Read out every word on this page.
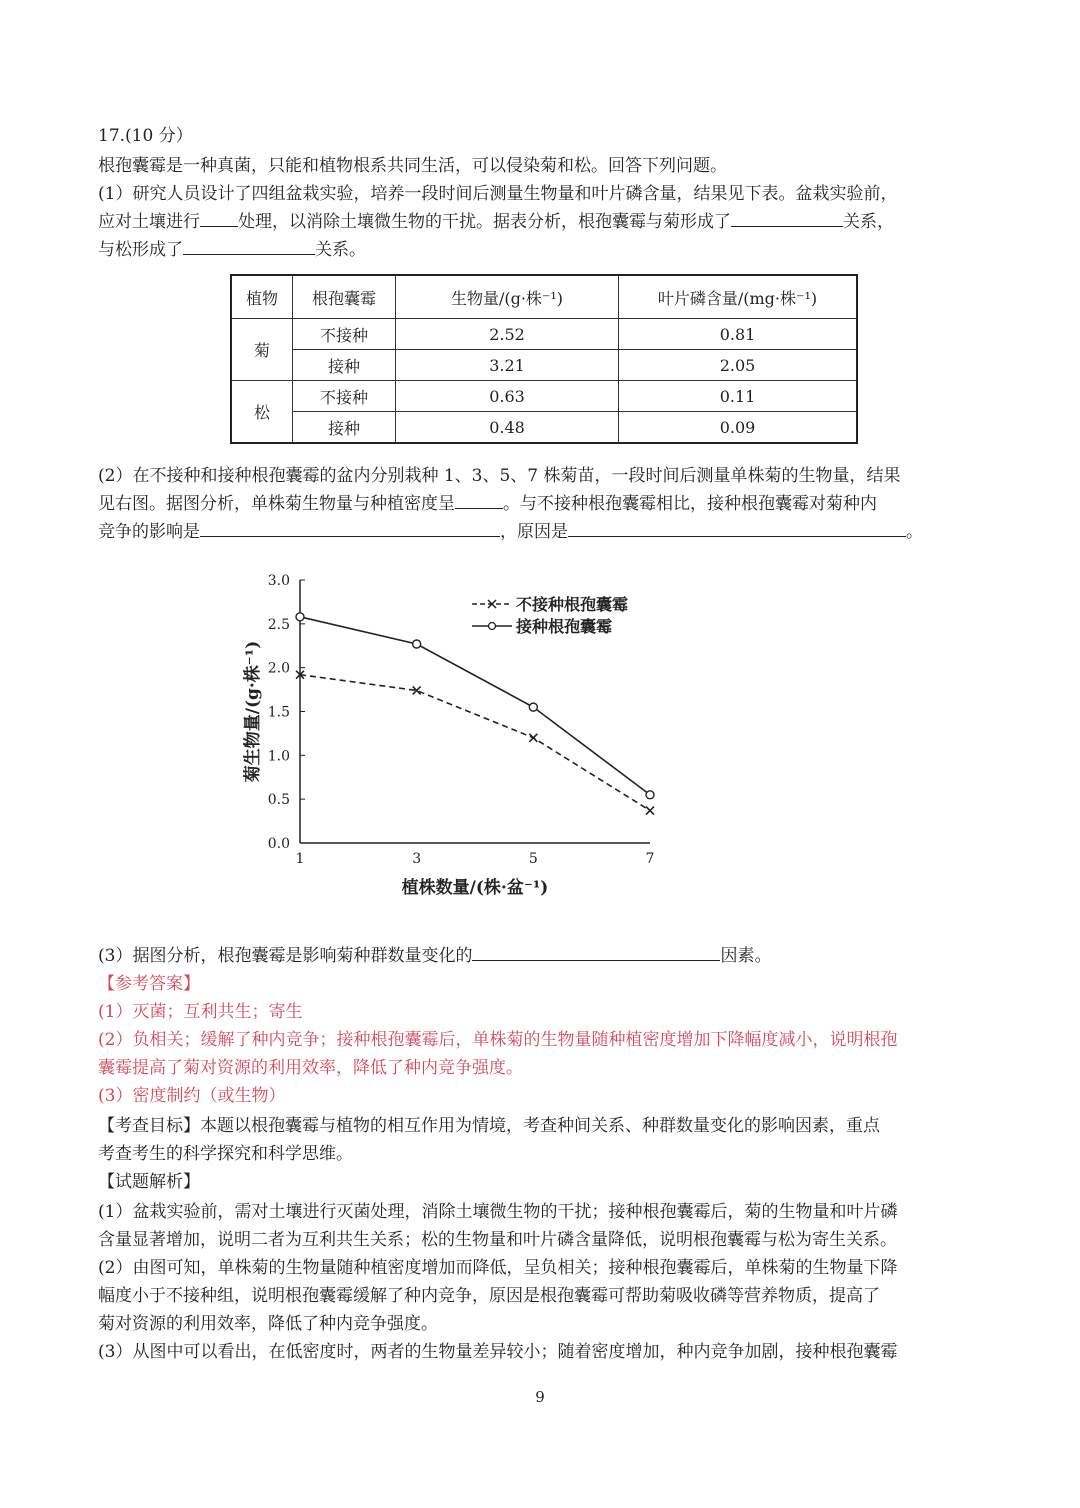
17.(10 分）
根孢囊霉是一种真菌，只能和植物根系共同生活，可以侵染菊和松。回答下列问题。
(1）研究人员设计了四组盆栽实验，培养一段时间后测量生物量和叶片磷含量，结果见下表。盆栽实验前，
应对土壤进行 处理，以消除土壤微生物的干扰。据表分析，根孢囊霉与菊形成了	关系，
与松形成了	关系。
植物	根孢囊霉	生物量/(g·株⁻¹)	叶片磷含量/(mg·株⁻¹)
菊	不接种	2.52	0.81
	接种	3.21	2.05
松	不接种	0.63	0.11
	接种	0.48	0.09
(2）在不接种和接种根孢囊霉的盆内分别栽种 1、3、5、7 株菊苗，一段时间后测量单株菊的生物量，结果
见右图。据图分析，单株菊生物量与种植密度呈	。与不接种根孢囊霉相比，接种根孢囊霉对菊种内
竞争的影响是	，原因是	。
0.0
0.5
1.0
1.5
2.0
2.5
3.0
1	3	5	7
植株数量/(株·盆⁻¹)
菊生物量/(g·株⁻¹)
不接种根孢囊霉
接种根孢囊霉
(3）据图分析，根孢囊霉是影响菊种群数量变化的	因素。
【参考答案】
(1）灭菌；互利共生；寄生
(2）负相关；缓解了种内竞争；接种根孢囊霉后，单株菊的生物量随种植密度增加下降幅度减小，说明根孢
囊霉提高了菊对资源的利用效率，降低了种内竞争强度。
(3）密度制约（或生物）
【考查目标】本题以根孢囊霉与植物的相互作用为情境，考查种间关系、种群数量变化的影响因素，重点
考查考生的科学探究和科学思维。
【试题解析】
(1）盆栽实验前，需对土壤进行灭菌处理，消除土壤微生物的干扰；接种根孢囊霉后，菊的生物量和叶片磷
含量显著增加，说明二者为互利共生关系；松的生物量和叶片磷含量降低，说明根孢囊霉与松为寄生关系。
(2）由图可知，单株菊的生物量随种植密度增加而降低，呈负相关；接种根孢囊霉后，单株菊的生物量下降
幅度小于不接种组，说明根孢囊霉缓解了种内竞争，原因是根孢囊霉可帮助菊吸收磷等营养物质，提高了
菊对资源的利用效率，降低了种内竞争强度。
(3）从图中可以看出，在低密度时，两者的生物量差异较小；随着密度增加，种内竞争加剧，接种根孢囊霉
9
